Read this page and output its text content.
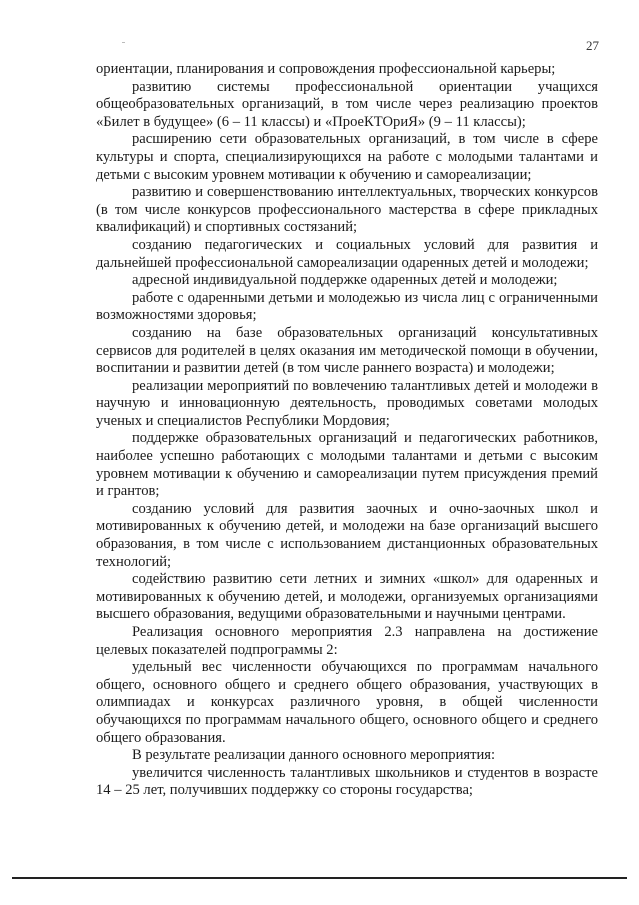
27

ориентации, планирования и сопровождения профессиональной карьеры;

развитию системы профессиональной ориентации учащихся общеобразовательных организаций, в том числе через реализацию проектов «Билет в будущее» (6 – 11 классы) и «ПроеКТОриЯ» (9 – 11 классы);

расширению сети образовательных организаций, в том числе в сфере культуры и спорта, специализирующихся на работе с молодыми талантами и детьми с высоким уровнем мотивации к обучению и самореализации;

развитию и совершенствованию интеллектуальных, творческих конкурсов (в том числе конкурсов профессионального мастерства в сфере прикладных квалификаций) и спортивных состязаний;

созданию педагогических и социальных условий для развития и дальнейшей профессиональной самореализации одаренных детей и молодежи;

адресной индивидуальной поддержке одаренных детей и молодежи;

работе с одаренными детьми и молодежью из числа лиц с ограниченными возможностями здоровья;

созданию на базе образовательных организаций консультативных сервисов для родителей в целях оказания им методической помощи в обучении, воспитании и развитии детей (в том числе раннего возраста) и молодежи;

реализации мероприятий по вовлечению талантливых детей и молодежи в научную и инновационную деятельность, проводимых советами молодых ученых и специалистов Республики Мордовия;

поддержке образовательных организаций и педагогических работников, наиболее успешно работающих с молодыми талантами и детьми с высоким уровнем мотивации к обучению и самореализации путем присуждения премий и грантов;

созданию условий для развития заочных и очно-заочных школ и мотивированных к обучению детей, и молодежи на базе организаций высшего образования, в том числе с использованием дистанционных образовательных технологий;

содействию развитию сети летних и зимних «школ» для одаренных и мотивированных к обучению детей, и молодежи, организуемых организациями высшего образования, ведущими образовательными и научными центрами.

Реализация основного мероприятия 2.3 направлена на достижение целевых показателей подпрограммы 2:

удельный вес численности обучающихся по программам начального общего, основного общего и среднего общего образования, участвующих в олимпиадах и конкурсах различного уровня, в общей численности обучающихся по программам начального общего, основного общего и среднего общего образования.

В результате реализации данного основного мероприятия:

увеличится численность талантливых школьников и студентов в возрасте 14 – 25 лет, получивших поддержку со стороны государства;
